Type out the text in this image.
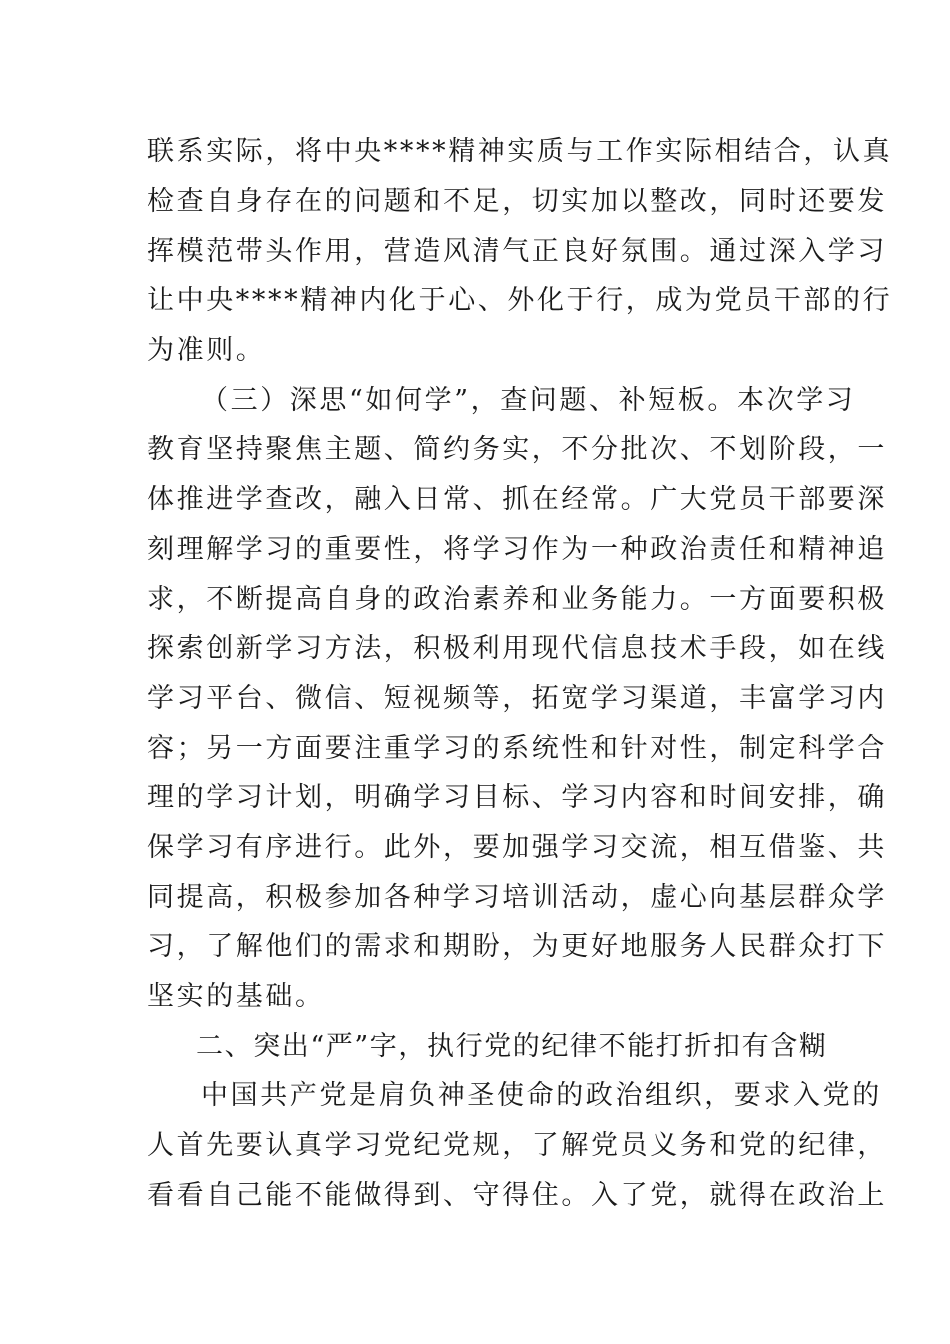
联系实际，将中央****精神实质与工作实际相结合，认真
检查自身存在的问题和不足，切实加以整改，同时还要发
挥模范带头作用，营造风清气正良好氛围。通过深入学习
让中央****精神内化于心、外化于行，成为党员干部的行
为准则。
（三）深思“如何学”，查问题、补短板。本次学习
教育坚持聚焦主题、简约务实，不分批次、不划阶段，一
体推进学查改，融入日常、抓在经常。广大党员干部要深
刻理解学习的重要性，将学习作为一种政治责任和精神追
求，不断提高自身的政治素养和业务能力。一方面要积极
探索创新学习方法，积极利用现代信息技术手段，如在线
学习平台、微信、短视频等，拓宽学习渠道，丰富学习内
容；另一方面要注重学习的系统性和针对性，制定科学合
理的学习计划，明确学习目标、学习内容和时间安排，确
保学习有序进行。此外，要加强学习交流，相互借鉴、共
同提高，积极参加各种学习培训活动，虚心向基层群众学
习，了解他们的需求和期盼，为更好地服务人民群众打下
坚实的基础。
二、突出“严”字，执行党的纪律不能打折扣有含糊
中国共产党是肩负神圣使命的政治组织，要求入党的
人首先要认真学习党纪党规，了解党员义务和党的纪律，
看看自己能不能做得到、守得住。入了党，就得在政治上
